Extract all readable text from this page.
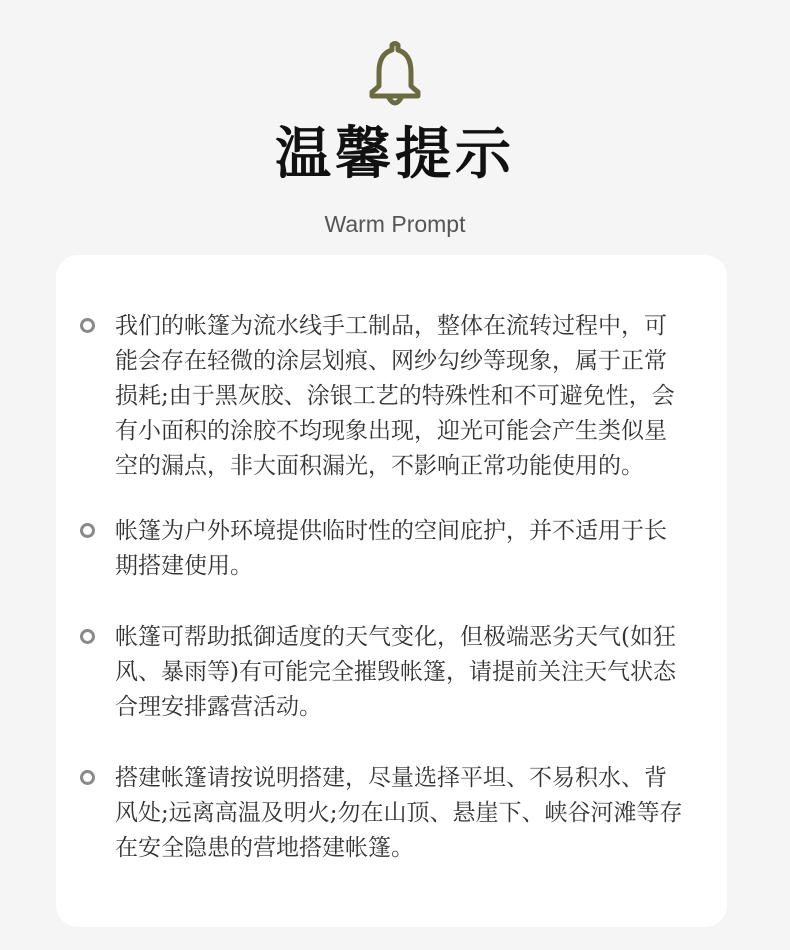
温馨提示
Warm Prompt
我们的帐篷为流水线手工制品，整体在流转过程中，可
能会存在轻微的涂层划痕、网纱勾纱等现象，属于正常
损耗;由于黑灰胶、涂银工艺的特殊性和不可避免性，会
有小面积的涂胶不均现象出现，迎光可能会产生类似星
空的漏点，非大面积漏光，不影响正常功能使用的。
帐篷为户外环境提供临时性的空间庇护，并不适用于长
期搭建使用。
帐篷可帮助抵御适度的天气变化，但极端恶劣天气(如狂
风、暴雨等)有可能完全摧毁帐篷，请提前关注天气状态
合理安排露营活动。
搭建帐篷请按说明搭建，尽量选择平坦、不易积水、背
风处;远离高温及明火;勿在山顶、悬崖下、峡谷河滩等存
在安全隐患的营地搭建帐篷。
